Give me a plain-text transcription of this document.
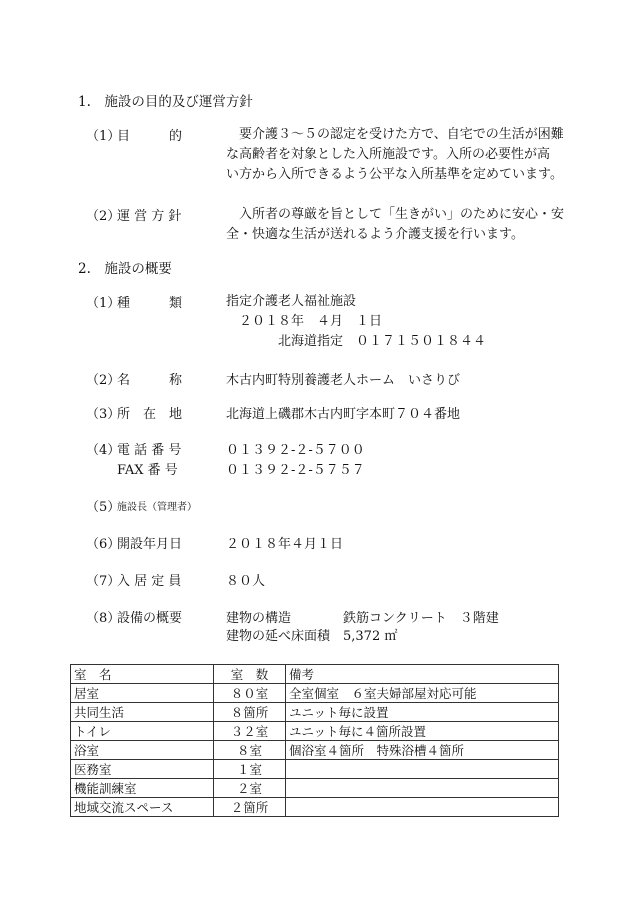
1.　施設の目的及び運営方針
（1）
目　　　的	　要介護３～５の認定を受けた方で、自宅での生活が困難
な高齢者を対象とした入所施設です。入所の必要性が高
い方から入所できるよう公平な入所基準を定めています。
（2）
運 営 方 針	　入所者の尊厳を旨として「生きがい」のために安心・安
全・快適な生活が送れるよう介護支援を行います。
2.　施設の概要
（1）
種　　　類	指定介護老人福祉施設
　２０１８年　４月　１日
　　　　北海道指定　０１７１５０１８４４
（2）
名　　　称	木古内町特別養護老人ホーム　いさりび
（3）
所　在　地	北海道上磯郡木古内町字本町７０４番地
（4）
電 話 番 号	０１３９２-２-５７００
FAX 番 号	０１３９２-２-５７５７
（5）
施設長（管理者）
（6）
開設年月日	２０１８年４月１日
（7）
入 居 定 員	８０人
（8）
設備の概要	建物の構造　　　　鉄筋コンクリート　３階建
建物の延べ床面積　5,372 ㎡
室　名	室　数	備考
居室	８０室	全室個室　６室夫婦部屋対応可能
共同生活	８箇所	ユニット毎に設置
トイレ	３２室	ユニット毎に４箇所設置
浴室	８室	個浴室４箇所　特殊浴槽４箇所
医務室	１室	
機能訓練室	２室	
地域交流スペース	２箇所	
